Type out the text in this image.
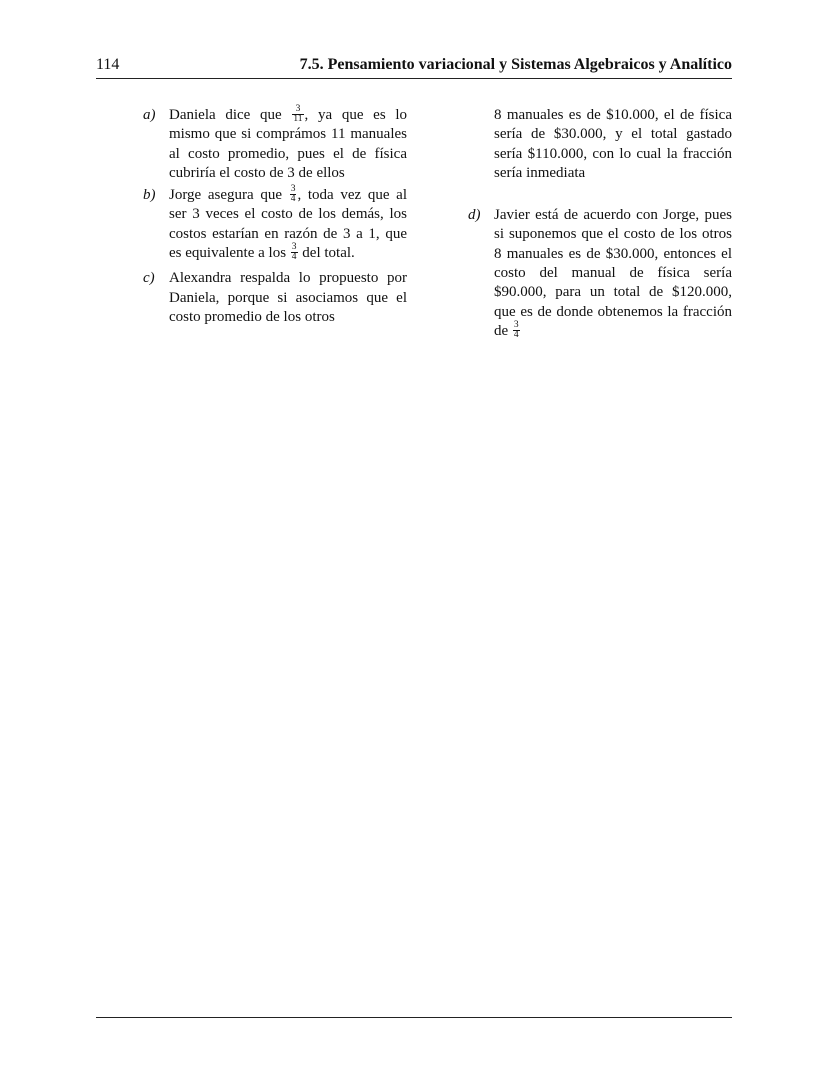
114	7.5. Pensamiento variacional y Sistemas Algebraicos y Analítico
a) Daniela dice que $\frac{3}{11}$ , ya que es lo mismo que si comprámos 11 manuales al costo promedio, pues el de física cubriría el costo de 3 de ellos
b) Jorge asegura que $\frac{3}{4}$ , toda vez que al ser 3 veces el costo de los demás, los costos estarían en razón de 3 a 1, que es equivalente a los $\frac{3}{4}$ del total.
c) Alexandra respalda lo propuesto por Daniela, porque si asociamos que el costo promedio de los otros
8 manuales es de $10.000, el de física sería de $30.000, y el total gastado sería $110.000, con lo cual la fracción sería inmediata
d) Javier está de acuerdo con Jorge, pues si suponemos que el costo de los otros 8 manuales es de $30.000, entonces el costo del manual de física sería $90.000, para un total de $120.000, que es de donde obtenemos la fracción de $\frac{3}{4}$
